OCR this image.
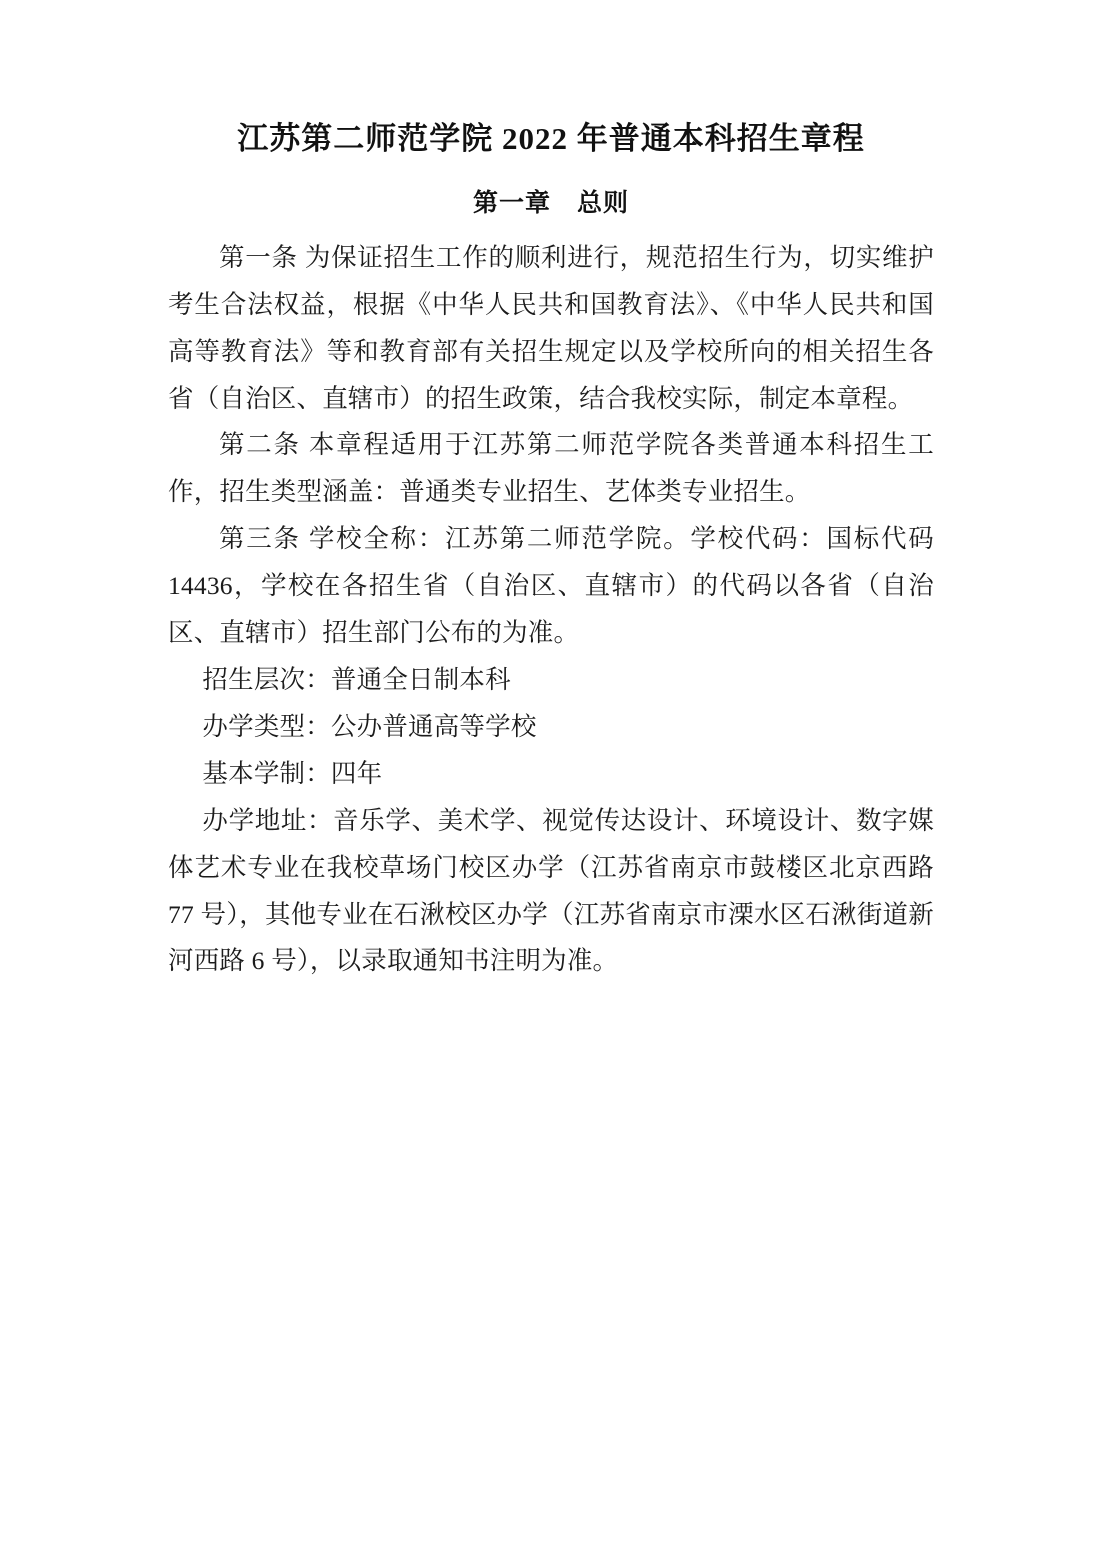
江苏第二师范学院 2022 年普通本科招生章程
第一章　总则

第一条 为保证招生工作的顺利进行，规范招生行为，切实维护考生合法权益，根据《中华人民共和国教育法》、《中华人民共和国高等教育法》等和教育部有关招生规定以及学校所向的相关招生各省（自治区、直辖市）的招生政策，结合我校实际，制定本章程。

第二条 本章程适用于江苏第二师范学院各类普通本科招生工作，招生类型涵盖：普通类专业招生、艺体类专业招生。

第三条 学校全称：江苏第二师范学院。学校代码：国标代码 14436，学校在各招生省（自治区、直辖市）的代码以各省（自治区、直辖市）招生部门公布的为准。

招生层次：普通全日制本科

办学类型：公办普通高等学校

基本学制：四年

办学地址：音乐学、美术学、视觉传达设计、环境设计、数字媒体艺术专业在我校草场门校区办学（江苏省南京市鼓楼区北京西路 77 号），其他专业在石湫校区办学（江苏省南京市溧水区石湫街道新河西路 6 号），以录取通知书注明为准。
